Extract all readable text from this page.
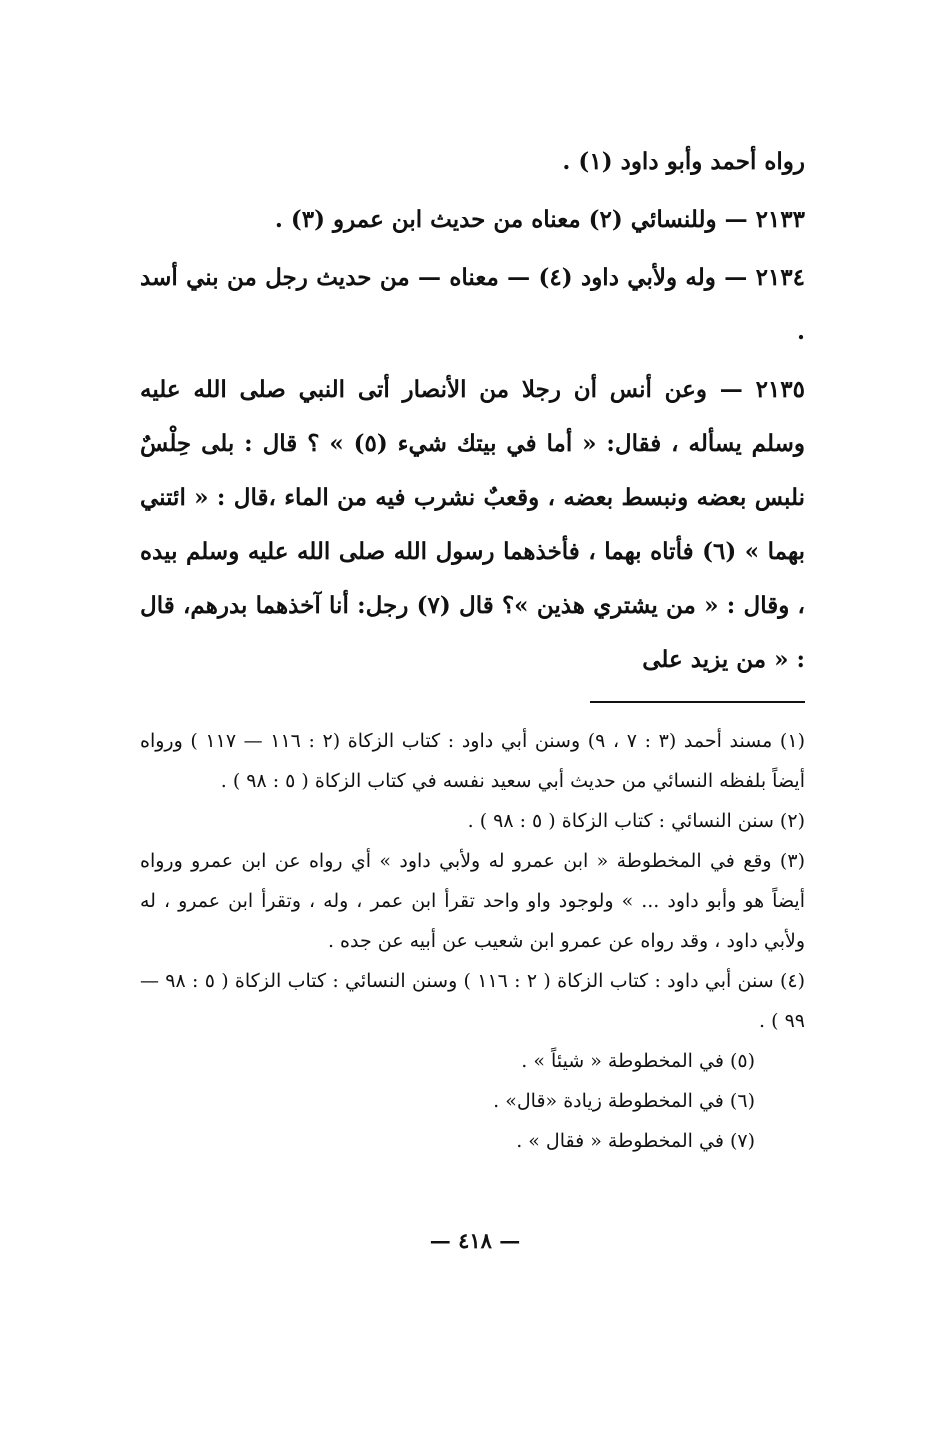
رواه أحمد وأبو داود (١) .

٢١٣٣ — وللنسائي (٢) معناه من حديث ابن عمرو (٣) .

٢١٣٤ — وله ولأبي داود (٤) — معناه — من حديث رجل من بني أسد .

٢١٣٥ — وعن أنس أن رجلا من الأنصار أتى النبي صلى الله عليه وسلم يسأله ، فقال: « أما في بيتك شيء (٥) » ؟ قال : بلى حِلْسٌ نلبس بعضه ونبسط بعضه ، وقعبٌ نشرب فيه من الماء ،قال : « ائتني بهما » (٦) فأتاه بهما ، فأخذهما رسول الله صلى الله عليه وسلم بيده ، وقال : « من يشتري هذين »؟ قال (٧) رجل: أنا آخذهما بدرهم، قال : « من يزيد على

(١) مسند أحمد (٣ : ٧ ، ٩) وسنن أبي داود : كتاب الزكاة (٢ : ١١٦ — ١١٧ ) ورواه أيضاً بلفظه النسائي من حديث أبي سعيد نفسه في كتاب الزكاة ( ٥ : ٩٨ ) .

(٢) سنن النسائي : كتاب الزكاة ( ٥ : ٩٨ ) .

(٣) وقع في المخطوطة « ابن عمرو له ولأبي داود » أي رواه عن ابن عمرو ورواه أيضاً هو وأبو داود ... » ولوجود واو واحد تقرأ ابن عمر ، وله ، وتقرأ ابن عمرو ، له ولأبي داود ، وقد رواه عن عمرو ابن شعيب عن أبيه عن جده .

(٤) سنن أبي داود : كتاب الزكاة ( ٢ : ١١٦ ) وسنن النسائي : كتاب الزكاة ( ٥ : ٩٨ — ٩٩ ) .

(٥) في المخطوطة « شيئاً » .

(٦) في المخطوطة زيادة «قال» .

(٧) في المخطوطة « فقال » .

— ٤١٨ —
